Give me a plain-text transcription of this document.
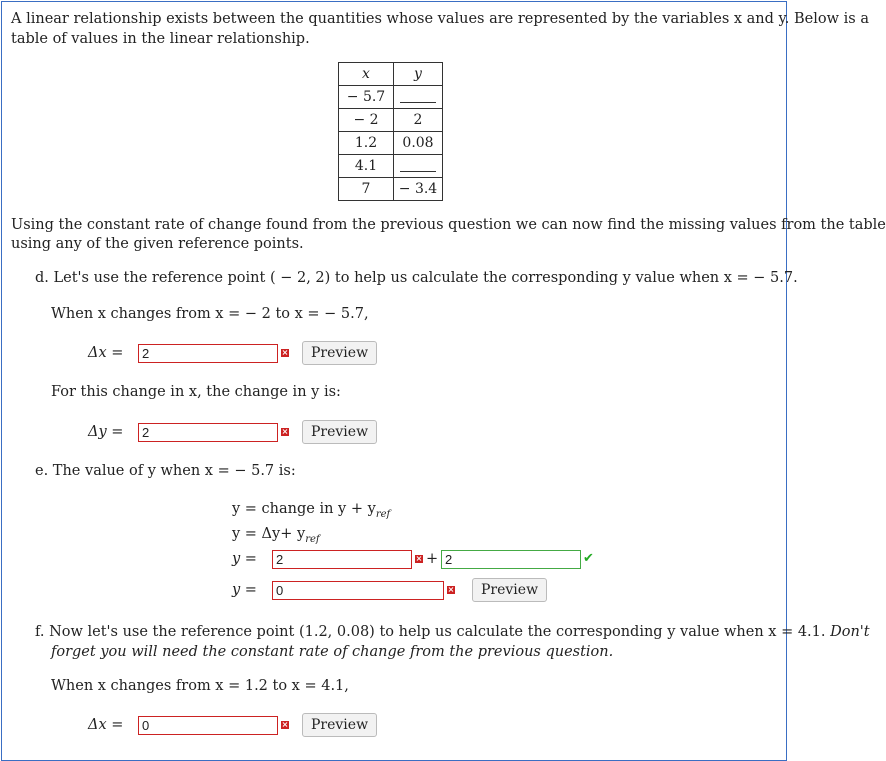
A linear relationship exists between the quantities whose values are represented by the variables x and y. Below is a
table of values in the linear relationship.
x	y
− 5.7	
− 2	2
1.2	0.08
4.1	
7	− 3.4
Using the constant rate of change found from the previous question we can now find the missing values from the table
using any of the given reference points.
d. Let's use the reference point ( − 2, 2) to help us calculate the corresponding y value when x = − 5.7.
When x changes from x = − 2 to x = − 5.7,
Δx =	2	×	Preview
For this change in x, the change in y is:
Δy =	2	×	Preview
e. The value of y when x = − 5.7 is:
y = change in $y + y_{ref}$
$y = \Delta y+ y_{ref}$
y =	2	× + 2	✔
y =	0	×	Preview
f. Now let's use the reference point (1.2, 0.08) to help us calculate the corresponding y value when x = 4.1. Don't
forget you will need the constant rate of change from the previous question.
When x changes from x = 1.2 to x = 4.1,
Δx =	0	×	Preview
